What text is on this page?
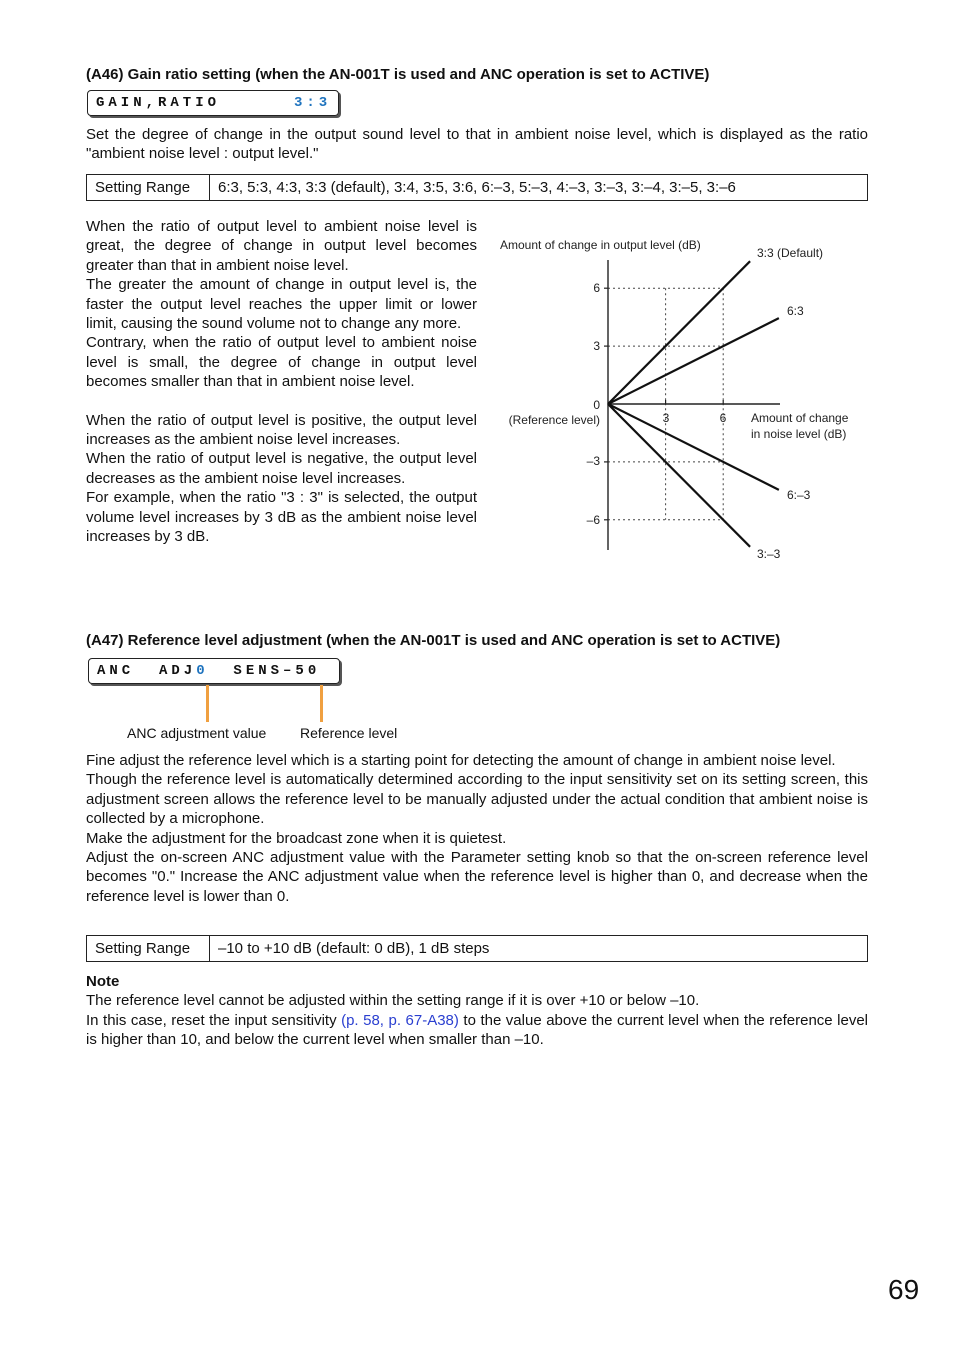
(A46) Gain ratio setting (when the AN-001T is used and ANC operation is set to ACTIVE)
GAIN,RATIO	3:3
Set the degree of change in the output sound level to that in ambient noise level, which is displayed as the ratio "ambient noise level : output level."
Setting Range	6:3, 5:3, 4:3, 3:3 (default), 3:4, 3:5, 3:6, 6:–3, 5:–3, 4:–3, 3:–3, 3:–4, 3:–5, 3:–6
When the ratio of output level to ambient noise level is great, the degree of change in output level becomes greater than that in ambient noise level.
The greater the amount of change in output level is, the faster the output level reaches the upper limit or lower limit, causing the sound volume not to change any more.
Contrary, when the ratio of output level to ambient noise level is small, the degree of change in output level becomes smaller than that in ambient noise level.
When the ratio of output level is positive, the output level increases as the ambient noise level increases.
When the ratio of output level is negative, the output level decreases as the ambient noise level increases.
For example, when the ratio "3 : 3" is selected, the output volume level increases by 3 dB as the ambient noise level increases by 3 dB.
Amount of change in output level (dB)
Amount of change
in noise level (dB)
0
(Reference level)
6
3
–3
–6
3	6
3:3 (Default)
6:3
6:–3
3:–3
(A47) Reference level adjustment (when the AN-001T is used and ANC operation is set to ACTIVE)
ANC  ADJ0  SENS–50
ANC adjustment value Reference level
Fine adjust the reference level which is a starting point for detecting the amount of change in ambient noise level.
Though the reference level is automatically determined according to the input sensitivity set on its setting screen, this adjustment screen allows the reference level to be manually adjusted under the actual condition that ambient noise is collected by a microphone.
Make the adjustment for the broadcast zone when it is quietest.
Adjust the on-screen ANC adjustment value with the Parameter setting knob so that the on-screen reference level becomes "0." Increase the ANC adjustment value when the reference level is higher than 0, and decrease when the reference level is lower than 0.
Setting Range	–10 to +10 dB (default: 0 dB), 1 dB steps
Note
The reference level cannot be adjusted within the setting range if it is over +10 or below –10.
In this case, reset the input sensitivity (p. 58, p. 67-A38) to the value above the current level when the reference level is higher than 10, and below the current level when smaller than –10.
69
